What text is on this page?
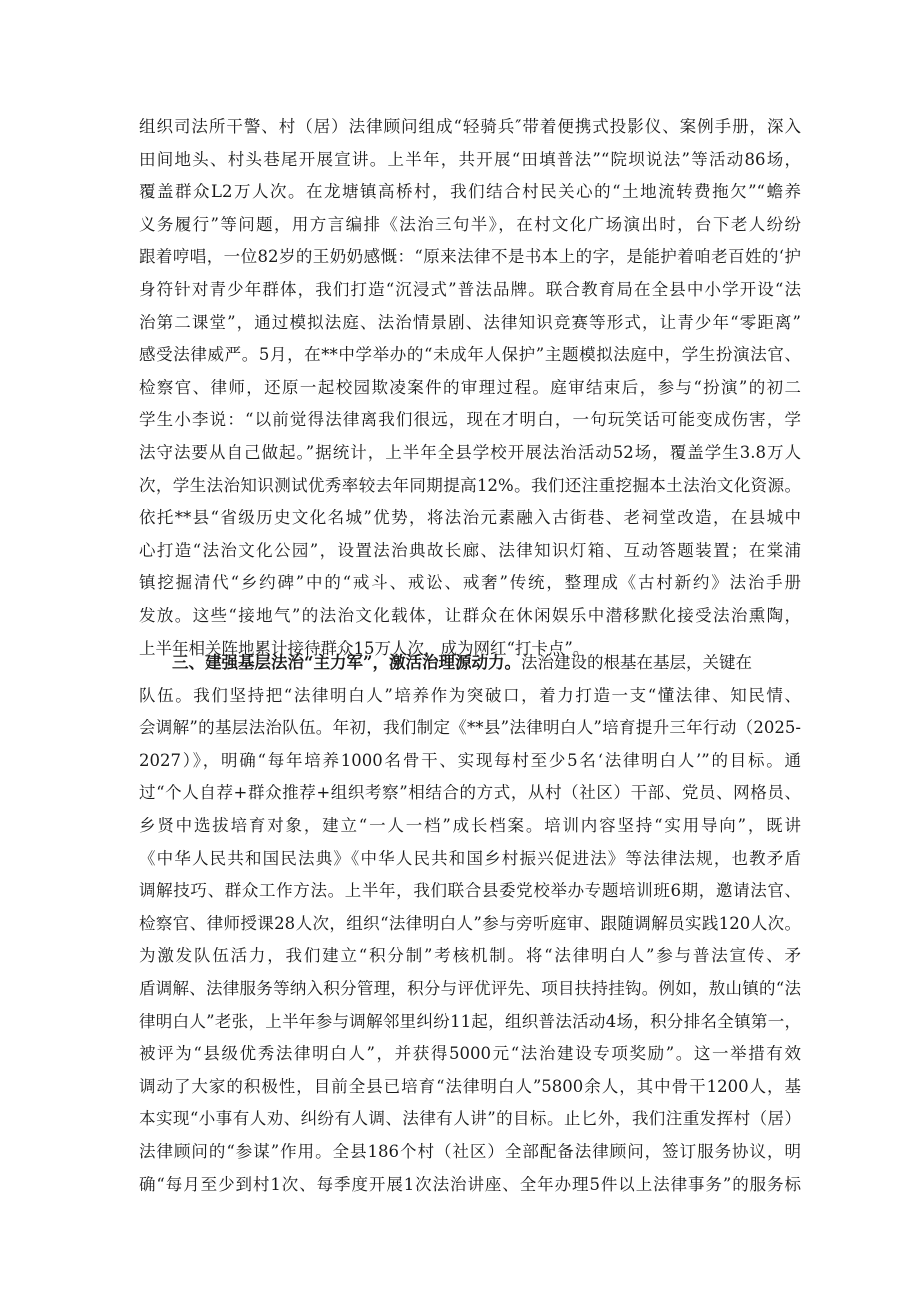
组织司法所干警、村（居）法律顾问组成“轻骑兵″带着便携式投影仪、案例手册，深入
田间地头、村头巷尾开展宣讲。上半年，共开展“田填普法”“院坝说法”等活动86场，
覆盖群众L2万人次。在龙塘镇高桥村，我们结合村民关心的“土地流转费拖欠”“蟾养
义务履行”等问题，用方言编排《法治三句半》，在村文化广场演出时，台下老人纷纷
跟着哼唱，一位82岁的王奶奶感慨：“原来法律不是书本上的字，是能护着咱老百姓的‘护
身符针对青少年群体，我们打造“沉浸式”普法品牌。联合教育局在全县中小学开设“法
治第二课堂”，通过模拟法庭、法治情景剧、法律知识竞赛等形式，让青少年“零距离”
感受法律威严。5月，在**中学举办的“未成年人保护”主题模拟法庭中，学生扮演法官、
检察官、律师，还原一起校园欺凌案件的审理过程。庭审结束后，参与“扮演”的初二
学生小李说：“以前觉得法律离我们很远，现在才明白，一句玩笑话可能变成伤害，学
法守法要从自己做起。”据统计，上半年全县学校开展法治活动52场，覆盖学生3.8万人
次，学生法治知识测试优秀率较去年同期提高12%。我们还注重挖掘本土法治文化资源。
依托**县“省级历史文化名城”优势，将法治元素融入古街巷、老祠堂改造，在县城中
心打造“法治文化公园”，设置法治典故长廊、法律知识灯箱、互动答题装置；在棠浦
镇挖掘清代“乡约碑”中的“戒斗、戒讼、戒奢”传统，整理成《古村新约》法治手册
发放。这些“接地气”的法治文化载体，让群众在休闲娱乐中潜移默化接受法治熏陶，
上半年相关阵地累计接待群众15万人次，成为网红“打卡点”。
三、建强基层法治“主力军”，激活治理源动力。法治建设的根基在基层，关键在
队伍。我们坚持把“法律明白人”培养作为突破口，着力打造一支“懂法律、知民情、
会调解”的基层法治队伍。年初，我们制定《**县”法律明白人”培育提升三年行动（2025-
2027）》，明确“每年培养1000名骨干、实现每村至少5名‘法律明白人’”的目标。通
过“个人自荐+群众推荐+组织考察”相结合的方式，从村（社区）干部、党员、网格员、
乡贤中选拔培育对象，建立“一人一档”成长档案。培训内容坚持“实用导向”，既讲
《中华人民共和国民法典》《中华人民共和国乡村振兴促进法》等法律法规，也教矛盾
调解技巧、群众工作方法。上半年，我们联合县委党校举办专题培训班6期，邀请法官、
检察官、律师授课28人次，组织“法律明白人”参与旁听庭审、跟随调解员实践120人次。
为激发队伍活力，我们建立“积分制”考核机制。将“法律明白人”参与普法宣传、矛
盾调解、法律服务等纳入积分管理，积分与评优评先、项目扶持挂钩。例如，敖山镇的“法
律明白人”老张，上半年参与调解邻里纠纷11起，组织普法活动4场，积分排名全镇第一，
被评为“县级优秀法律明白人”，并获得5000元“法治建设专项奖励”。这一举措有效
调动了大家的积极性，目前全县已培育“法律明白人”5800余人，其中骨干1200人，基
本实现“小事有人劝、纠纷有人调、法律有人讲”的目标。止匕外，我们注重发挥村（居）
法律顾问的“参谋”作用。全县186个村（社区）全部配备法律顾问，签订服务协议，明
确“每月至少到村1次、每季度开展1次法治讲座、全年办理5件以上法律事务”的服务标
